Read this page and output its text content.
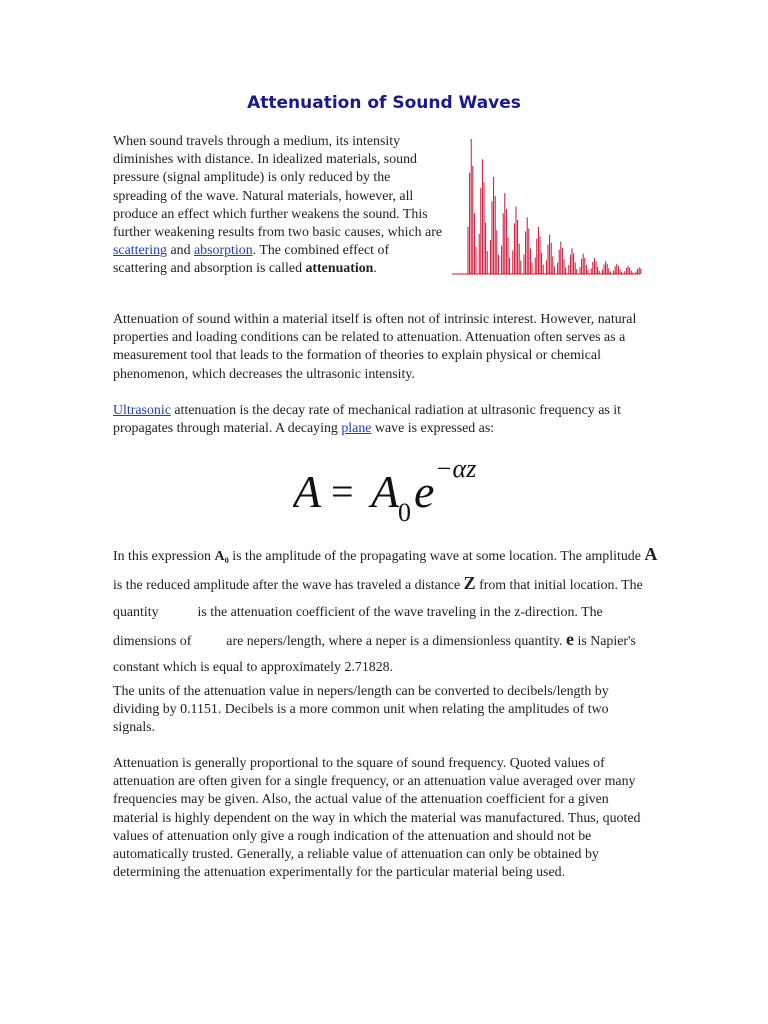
Attenuation of Sound Waves

When sound travels through a medium, its intensity diminishes with distance. In idealized materials, sound pressure (signal amplitude) is only reduced by the spreading of the wave. Natural materials, however, all produce an effect which further weakens the sound. This further weakening results from two basic causes, which are scattering and absorption. The combined effect of scattering and absorption is called attenuation.

Attenuation of sound within a material itself is often not of intrinsic interest. However, natural properties and loading conditions can be related to attenuation. Attenuation often serves as a measurement tool that leads to the formation of theories to explain physical or chemical phenomenon, which decreases the ultrasonic intensity.

Ultrasonic attenuation is the decay rate of mechanical radiation at ultrasonic frequency as it propagates through material. A decaying plane wave is expressed as:

A = A
0 e −αz

In this expression A₀ is the amplitude of the propagating wave at some location. The amplitude A is the reduced amplitude after the wave has traveled a distance Z from that initial location. The quantity  is the attenuation coefficient of the wave traveling in the z-direction. The dimensions of  are nepers/length, where a neper is a dimensionless quantity. e is Napier's constant which is equal to approximately 2.71828.

The units of the attenuation value in nepers/length can be converted to decibels/length by dividing by 0.1151. Decibels is a more common unit when relating the amplitudes of two signals.

Attenuation is generally proportional to the square of sound frequency. Quoted values of attenuation are often given for a single frequency, or an attenuation value averaged over many frequencies may be given. Also, the actual value of the attenuation coefficient for a given material is highly dependent on the way in which the material was manufactured. Thus, quoted values of attenuation only give a rough indication of the attenuation and should not be automatically trusted. Generally, a reliable value of attenuation can only be obtained by determining the attenuation experimentally for the particular material being used.
